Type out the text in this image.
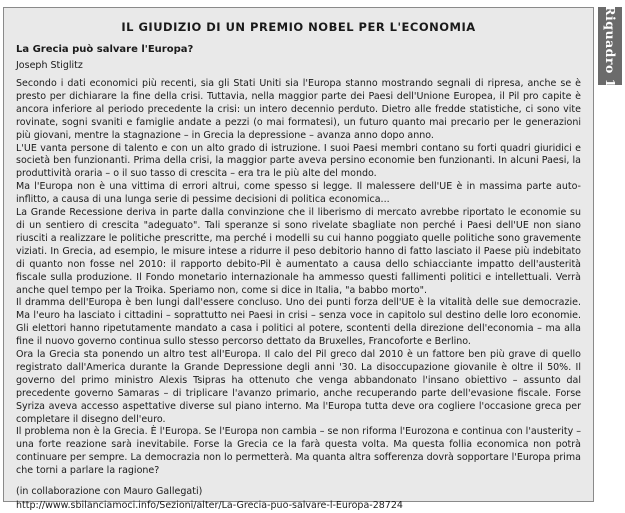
IL GIUDIZIO DI UN PREMIO NOBEL PER L'ECONOMIA
La Grecia può salvare l'Europa?
Joseph Stiglitz

Secondo i dati economici più recenti, sia gli Stati Uniti sia l'Europa stanno mostrando segnali di ripresa, anche se è presto per dichiarare la fine della crisi. Tuttavia, nella maggior parte dei Paesi dell'Unione Europea, il Pil pro capite è ancora inferiore al periodo precedente la crisi: un intero decennio perduto. Dietro alle fredde statistiche, ci sono vite rovinate, sogni svaniti e famiglie andate a pezzi (o mai formatesi), un futuro quanto mai precario per le generazioni più giovani, mentre la stagnazione – in Grecia la depressione – avanza anno dopo anno.

L'UE vanta persone di talento e con un alto grado di istruzione. I suoi Paesi membri contano su forti quadri giuridici e società ben funzionanti. Prima della crisi, la maggior parte aveva persino economie ben funzionanti. In alcuni Paesi, la produttività oraria – o il suo tasso di crescita – era tra le più alte del mondo.

Ma l'Europa non è una vittima di errori altrui, come spesso si legge. Il malessere dell'UE è in massima parte auto-inflitto, a causa di una lunga serie di pessime decisioni di politica economica...

La Grande Recessione deriva in parte dalla convinzione che il liberismo di mercato avrebbe riportato le economie su di un sentiero di crescita "adeguato". Tali speranze si sono rivelate sbagliate non perché i Paesi dell'UE non siano riusciti a realizzare le politiche prescritte, ma perché i modelli su cui hanno poggiato quelle politiche sono gravemente viziati. In Grecia, ad esempio, le misure intese a ridurre il peso debitorio hanno di fatto lasciato il Paese più indebitato di quanto non fosse nel 2010: il rapporto debito-Pil è aumentato a causa dello schiacciante impatto dell'austerità fiscale sulla produzione. Il Fondo monetario internazionale ha ammesso questi fallimenti politici e intellettuali. Verrà anche quel tempo per la Troika. Speriamo non, come si dice in Italia, "a babbo morto".

Il dramma dell'Europa è ben lungi dall'essere concluso. Uno dei punti forza dell'UE è la vitalità delle sue democrazie. Ma l'euro ha lasciato i cittadini – soprattutto nei Paesi in crisi – senza voce in capitolo sul destino delle loro economie. Gli elettori hanno ripetutamente mandato a casa i politici al potere, scontenti della direzione dell'economia – ma alla fine il nuovo governo continua sullo stesso percorso dettato da Bruxelles, Francoforte e Berlino.

Ora la Grecia sta ponendo un altro test all'Europa. Il calo del Pil greco dal 2010 è un fattore ben più grave di quello registrato dall'America durante la Grande Depressione degli anni '30. La disoccupazione giovanile è oltre il 50%. Il governo del primo ministro Alexis Tsipras ha ottenuto che venga abbandonato l'insano obiettivo – assunto dal precedente governo Samaras – di triplicare l'avanzo primario, anche recuperando parte dell'evasione fiscale. Forse Syriza aveva accesso aspettative diverse sul piano interno. Ma l'Europa tutta deve ora cogliere l'occasione greca per completare il disegno dell'euro.

Il problema non è la Grecia. È l'Europa. Se l'Europa non cambia – se non riforma l'Eurozona e continua con l'austerity – una forte reazione sarà inevitabile. Forse la Grecia ce la farà questa volta. Ma questa follia economica non potrà continuare per sempre. La democrazia non lo permetterà. Ma quanta altra sofferenza dovrà sopportare l'Europa prima che torni a parlare la ragione?

(in collaborazione con Mauro Gallegati)
http://www.sbilanciamoci.info/Sezioni/alter/La-Grecia-puo-salvare-l-Europa-28724
Riquadro 1
